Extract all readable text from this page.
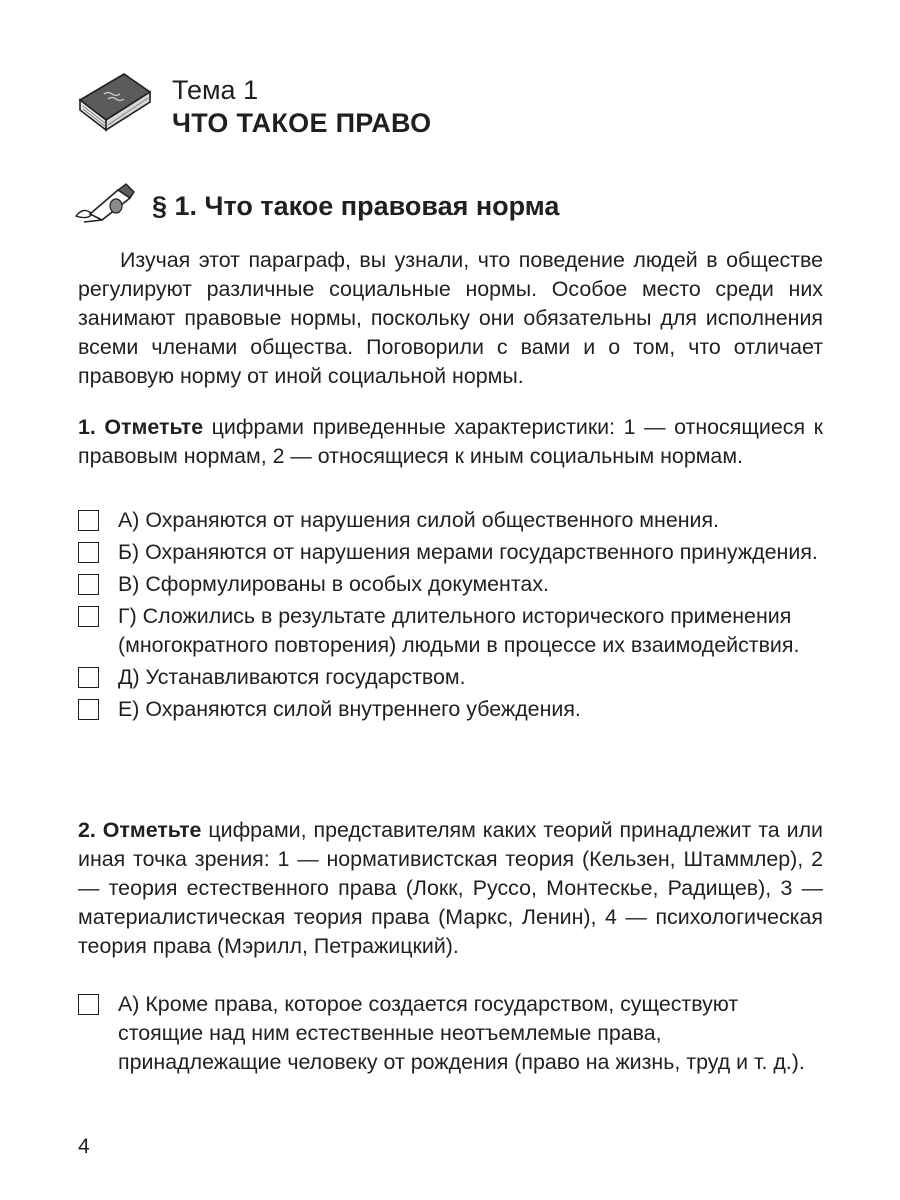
Тема 1
ЧТО ТАКОЕ ПРАВО
§ 1. Что такое правовая норма
Изучая этот параграф, вы узнали, что поведение людей в обществе регулируют различные социальные нормы. Особое место среди них занимают правовые нормы, поскольку они обязательны для исполнения всеми членами общества. Поговорили с вами и о том, что отличает правовую норму от иной социальной нормы.
1. Отметьте цифрами приведенные характеристики: 1 — относящиеся к правовым нормам, 2 — относящиеся к иным социальным нормам.
А) Охраняются от нарушения силой общественного мнения.
Б) Охраняются от нарушения мерами государственного принуждения.
В) Сформулированы в особых документах.
Г) Сложились в результате длительного исторического применения (многократного повторения) людьми в процессе их взаимодействия.
Д) Устанавливаются государством.
Е) Охраняются силой внутреннего убеждения.
2. Отметьте цифрами, представителям каких теорий принадлежит та или иная точка зрения: 1 — нормативистская теория (Кельзен, Штаммлер), 2 — теория естественного права (Локк, Руссо, Монтескье, Радищев), 3 — материалистическая теория права (Маркс, Ленин), 4 — психологическая теория права (Мэрилл, Петражицкий).
А) Кроме права, которое создается государством, существуют стоящие над ним естественные неотъемлемые права, принадлежащие человеку от рождения (право на жизнь, труд и т. д.).
4
